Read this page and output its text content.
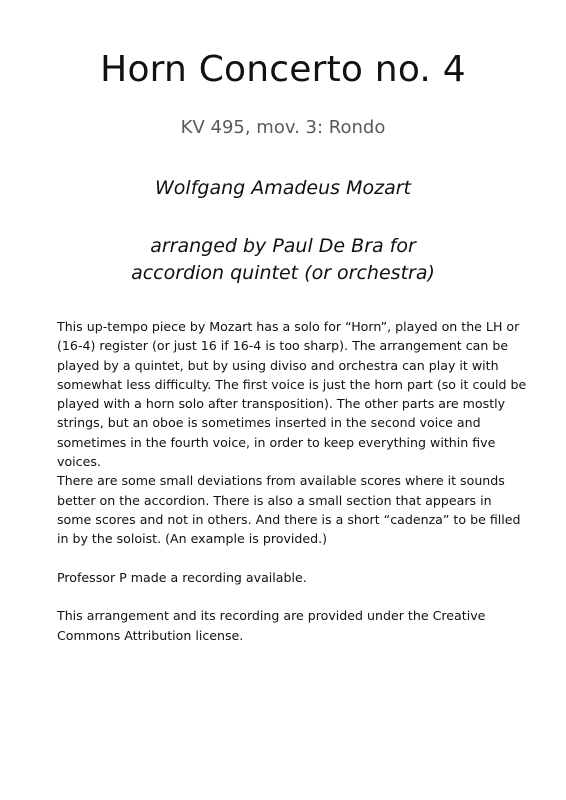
Horn Concerto no. 4
KV 495, mov. 3: Rondo
Wolfgang Amadeus Mozart
arranged by Paul De Bra for
accordion quintet (or orchestra)

This up-tempo piece by Mozart has a solo for “Horn”, played on the LH or (16-4) register (or just 16 if 16-4 is too sharp). The arrangement can be played by a quintet, but by using diviso and orchestra can play it with somewhat less difficulty. The first voice is just the horn part (so it could be played with a horn solo after transposition). The other parts are mostly strings, but an oboe is sometimes inserted in the second voice and sometimes in the fourth voice, in order to keep everything within five voices.

There are some small deviations from available scores where it sounds better on the accordion. There is also a small section that appears in some scores and not in others. And there is a short “cadenza” to be filled in by the soloist. (An example is provided.)

Professor P made a recording available.

This arrangement and its recording are provided under the Creative Commons Attribution license.
